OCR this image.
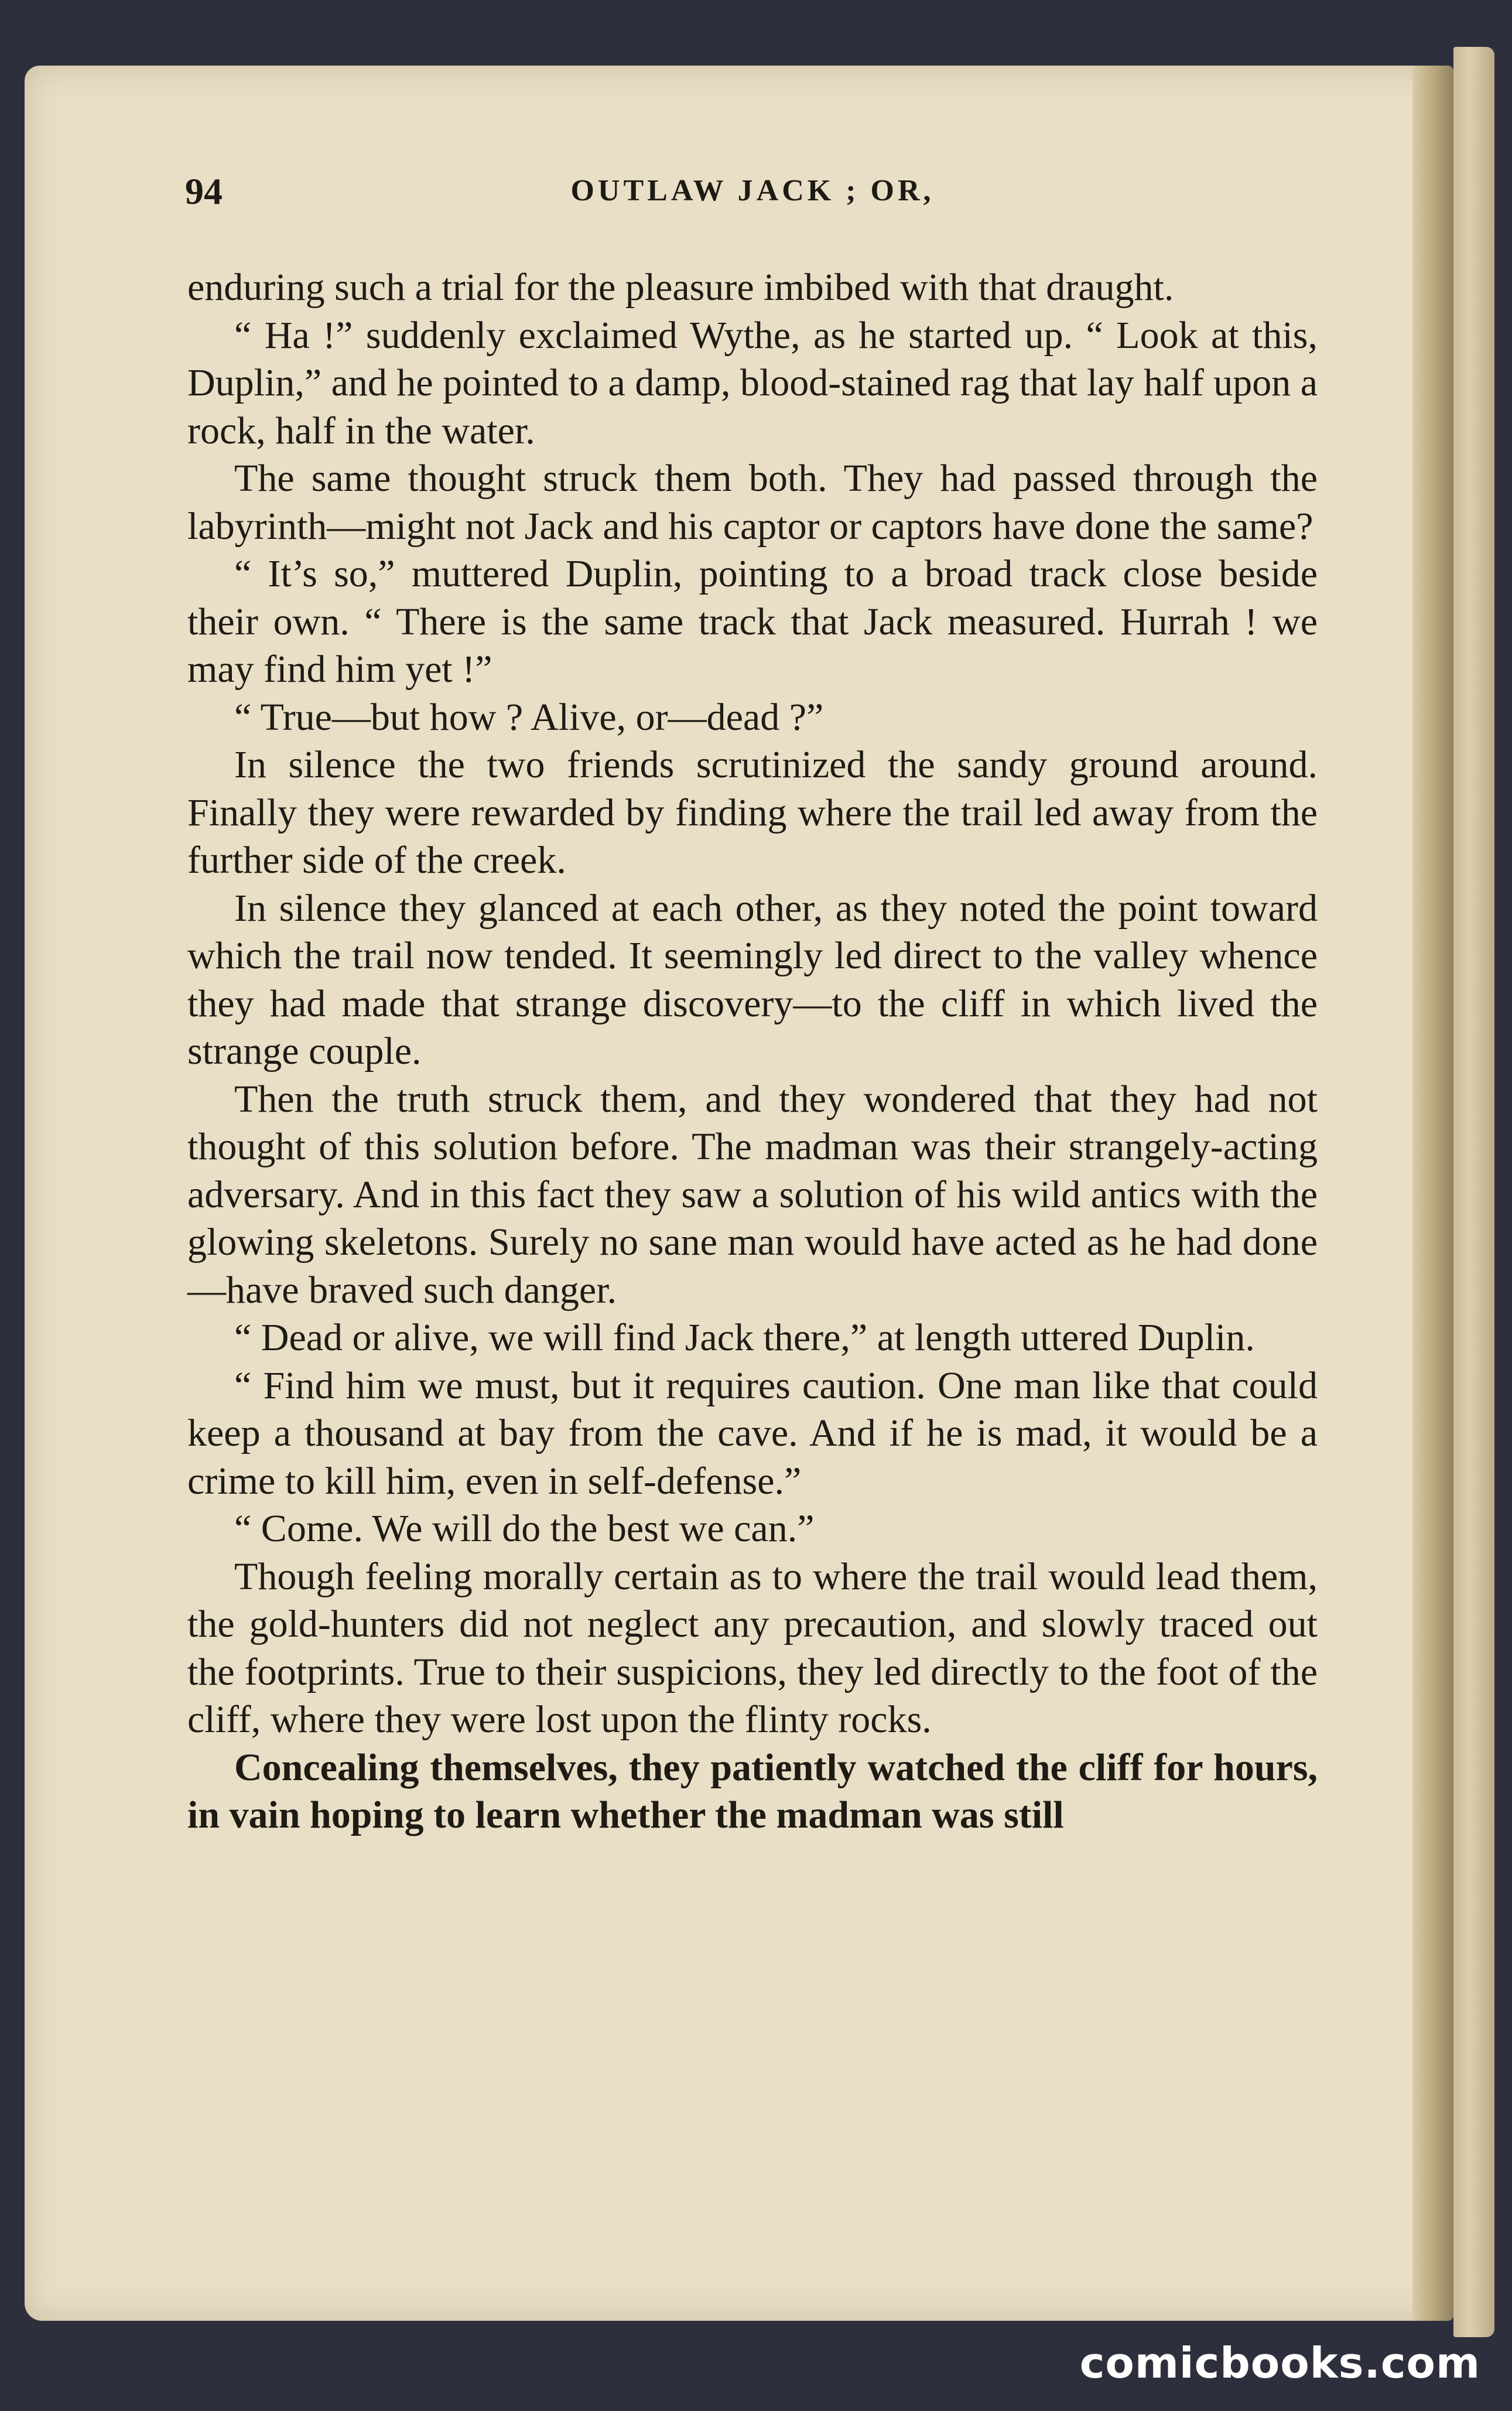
94	OUTLAW JACK ; OR,

enduring such a trial for the pleasure imbibed with that draught.

“ Ha !” suddenly exclaimed Wythe, as he started up. “ Look at this, Duplin,” and he pointed to a damp, blood-stained rag that lay half upon a rock, half in the water.

The same thought struck them both. They had passed through the labyrinth—might not Jack and his captor or captors have done the same?

“ It’s so,” muttered Duplin, pointing to a broad track close beside their own. “ There is the same track that Jack measured. Hurrah ! we may find him yet !”

“ True—but how ? Alive, or—dead ?”

In silence the two friends scrutinized the sandy ground around. Finally they were rewarded by finding where the trail led away from the further side of the creek.

In silence they glanced at each other, as they noted the point toward which the trail now tended. It seemingly led direct to the valley whence they had made that strange discovery—to the cliff in which lived the strange couple.

Then the truth struck them, and they wondered that they had not thought of this solution before. The madman was their strangely-acting adversary. And in this fact they saw a solution of his wild antics with the glowing skeletons. Surely no sane man would have acted as he had done—have braved such danger.

“ Dead or alive, we will find Jack there,” at length uttered Duplin.

“ Find him we must, but it requires caution. One man like that could keep a thousand at bay from the cave. And if he is mad, it would be a crime to kill him, even in self-defense.”

“ Come. We will do the best we can.”

Though feeling morally certain as to where the trail would lead them, the gold-hunters did not neglect any precaution, and slowly traced out the footprints. True to their suspicions, they led directly to the foot of the cliff, where they were lost upon the flinty rocks.

Concealing themselves, they patiently watched the cliff for hours, in vain hoping to learn whether the madman was still

comicbooks.com
